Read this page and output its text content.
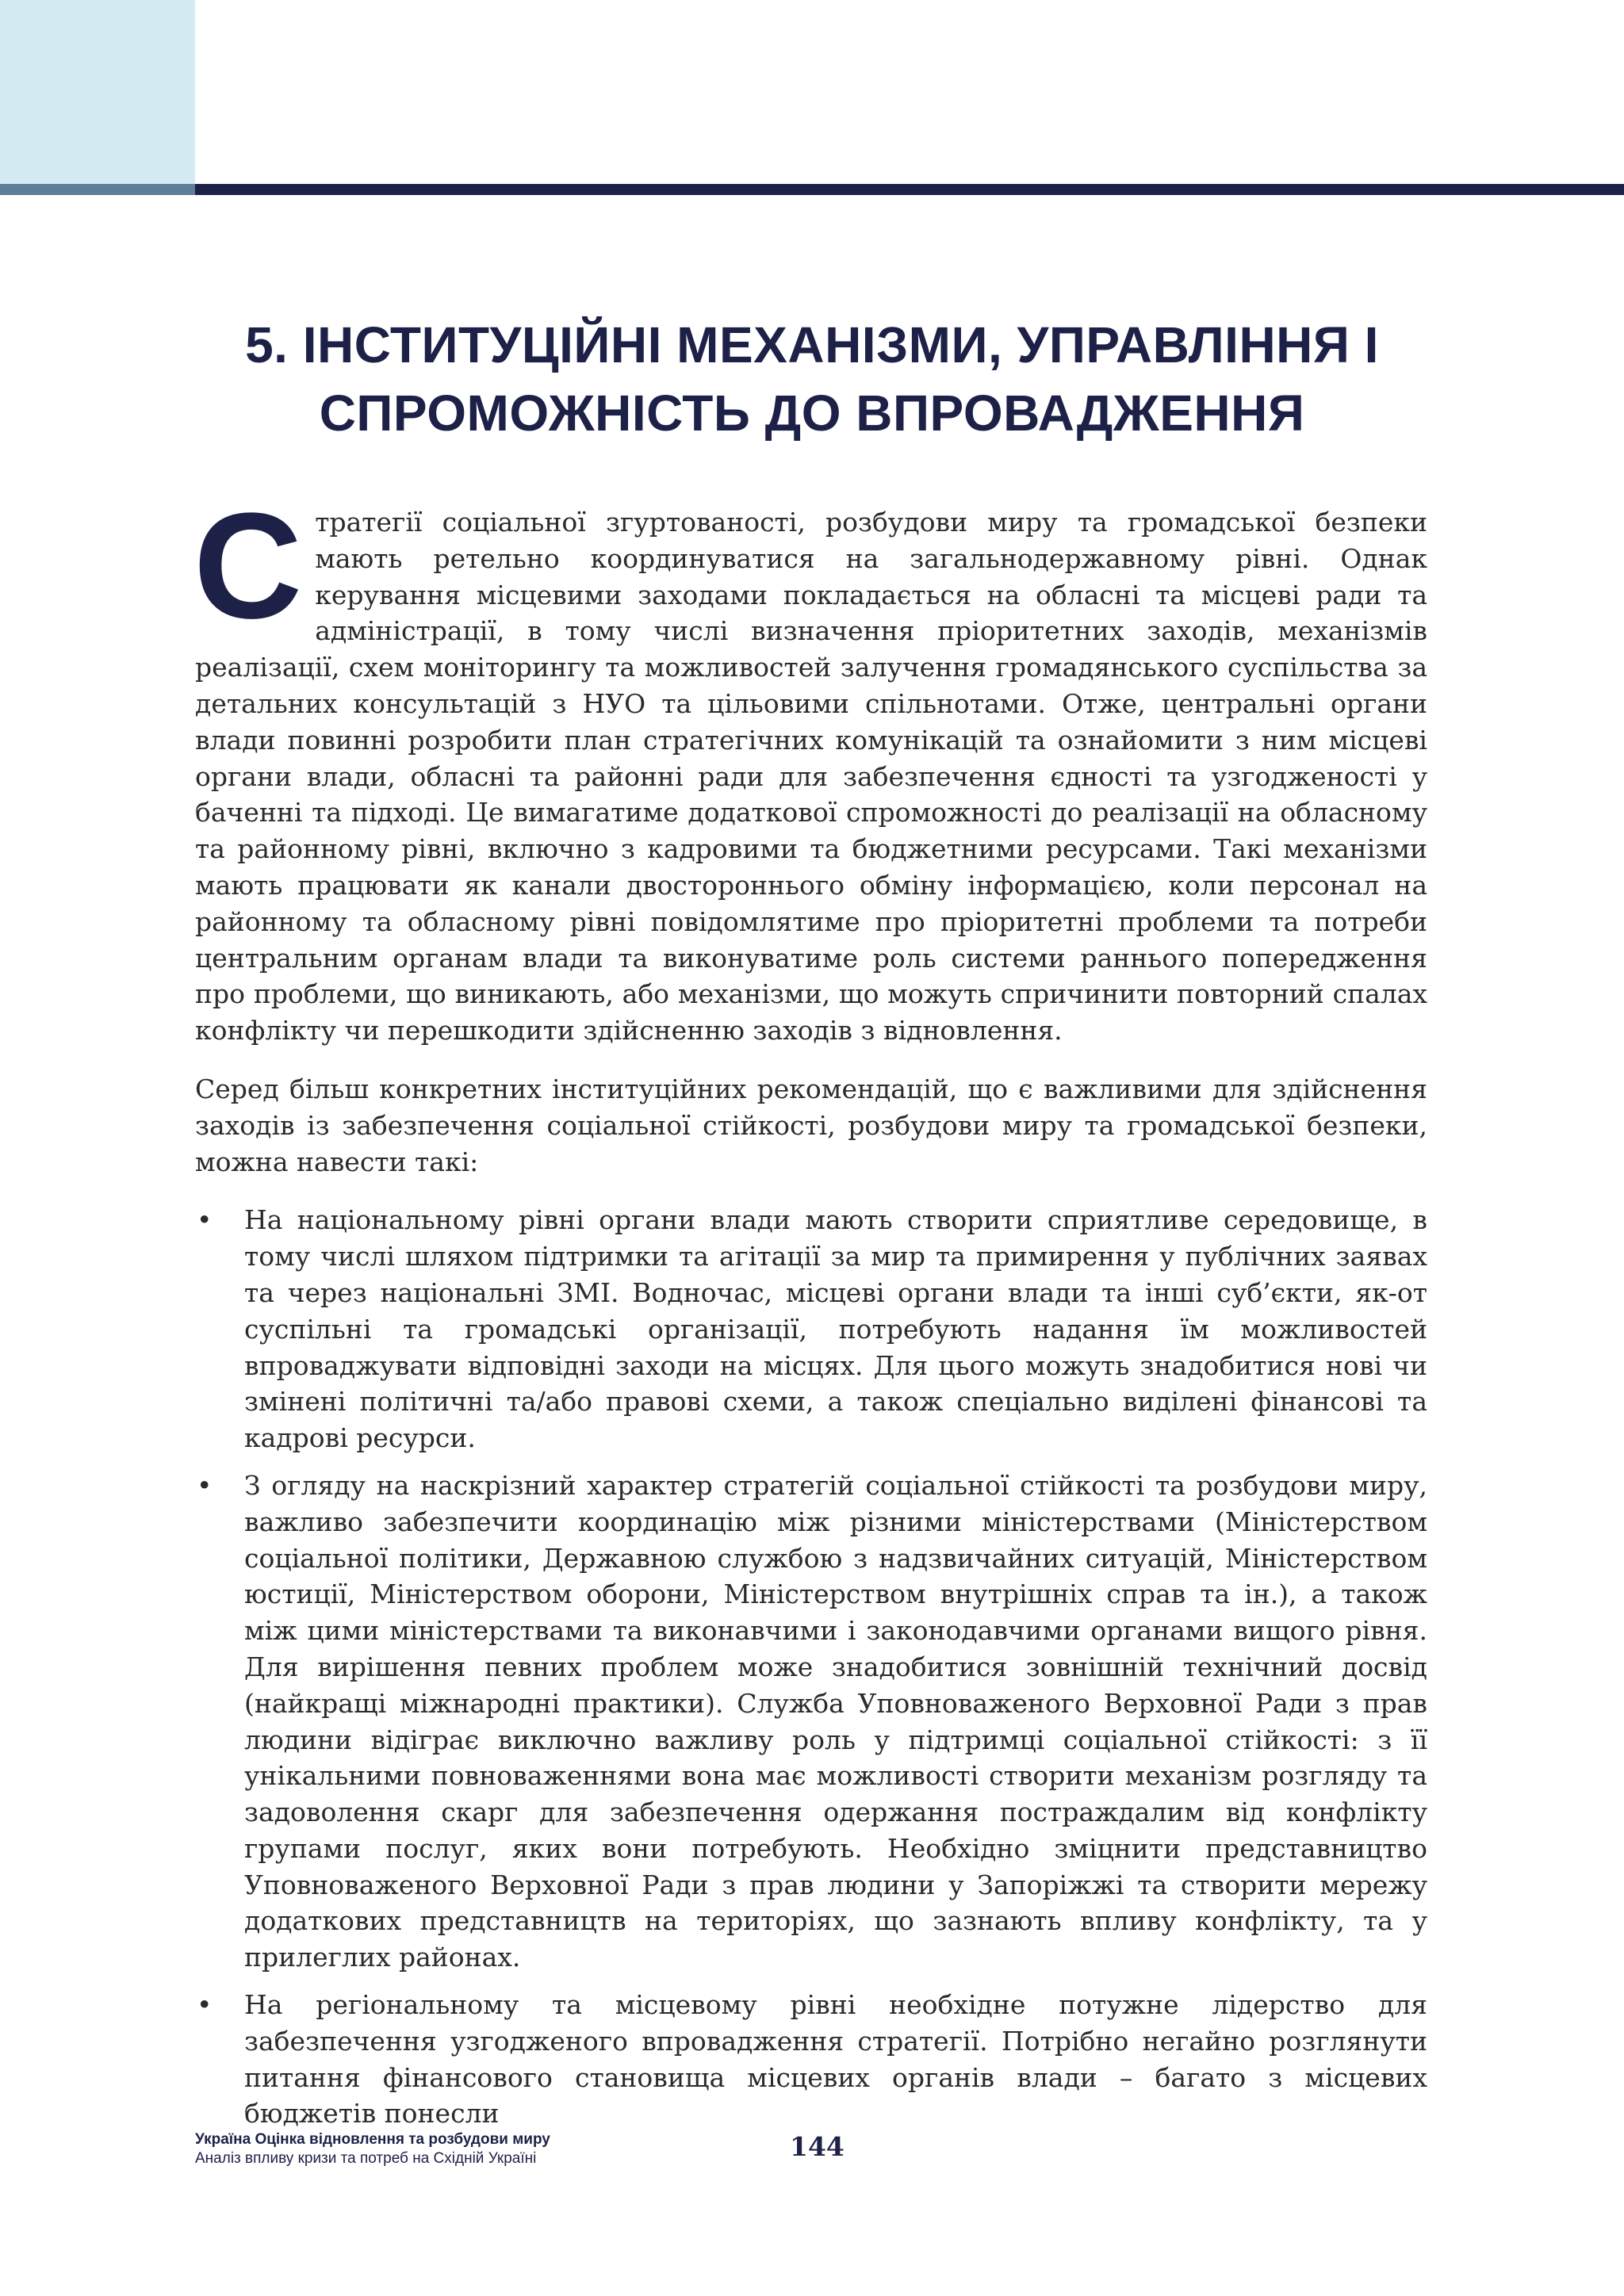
5. ІНСТИТУЦІЙНІ МЕХАНІЗМИ, УПРАВЛІННЯ І
СПРОМОЖНІСТЬ ДО ВПРОВАДЖЕННЯ

Стратегії соціальної згуртованості, розбудови миру та громадської безпеки мають ретельно координуватися на загальнодержавному рівні. Однак керування місцевими заходами покладається на обласні та місцеві ради та адміністрації, в тому числі визначення пріоритетних заходів, механізмів реалізації, схем моніторингу та можливостей залучення громадянського суспільства за детальних консультацій з НУО та цільовими спільнотами. Отже, центральні органи влади повинні розробити план стратегічних комунікацій та ознайомити з ним місцеві органи влади, обласні та районні ради для забезпечення єдності та узгодженості у баченні та підході. Це вимагатиме додаткової спроможності до реалізації на обласному та районному рівні, включно з кадровими та бюджетними ресурсами. Такі механізми мають працювати як канали двостороннього обміну інформацією, коли персонал на районному та обласному рівні повідомлятиме про пріоритетні проблеми та потреби центральним органам влади та виконуватиме роль системи раннього попередження про проблеми, що виникають, або механізми, що можуть спричинити повторний спалах конфлікту чи перешкодити здійсненню заходів з відновлення.

Серед більш конкретних інституційних рекомендацій, що є важливими для здійснення заходів із забезпечення соціальної стійкості, розбудови миру та громадської безпеки, можна навести такі:

• На національному рівні органи влади мають створити сприятливе середовище, в тому числі шляхом підтримки та агітації за мир та примирення у публічних заявах та через національні ЗМІ. Водночас, місцеві органи влади та інші суб’єкти, як-от суспільні та громадські організації, потребують надання їм можливостей впроваджувати відповідні заходи на місцях. Для цього можуть знадобитися нові чи змінені політичні та/або правові схеми, а також спеціально виділені фінансові та кадрові ресурси.
• З огляду на наскрізний характер стратегій соціальної стійкості та розбудови миру, важливо забезпечити координацію між різними міністерствами (Міністерством соціальної політики, Державною службою з надзвичайних ситуацій, Міністерством юстиції, Міністерством оборони, Міністерством внутрішніх справ та ін.), а також між цими міністерствами та виконавчими і законодавчими органами вищого рівня. Для вирішення певних проблем може знадобитися зовнішній технічний досвід (найкращі міжнародні практики). Служба Уповноваженого Верховної Ради з прав людини відіграє виключно важливу роль у підтримці соціальної стійкості: з її унікальними повноваженнями вона має можливості створити механізм розгляду та задоволення скарг для забезпечення одержання постраждалим від конфлікту групами послуг, яких вони потребують. Необхідно зміцнити представництво Уповноваженого Верховної Ради з прав людини у Запоріжжі та створити мережу додаткових представництв на територіях, що зазнають впливу конфлікту, та у прилеглих районах.
• На регіональному та місцевому рівні необхідне потужне лідерство для забезпечення узгодженого впровадження стратегії. Потрібно негайно розглянути питання фінансового становища місцевих органів влади – багато з місцевих бюджетів понесли
Україна Оцінка відновлення та розбудови миру
Аналіз впливу кризи та потреб на Східній Україні	144
